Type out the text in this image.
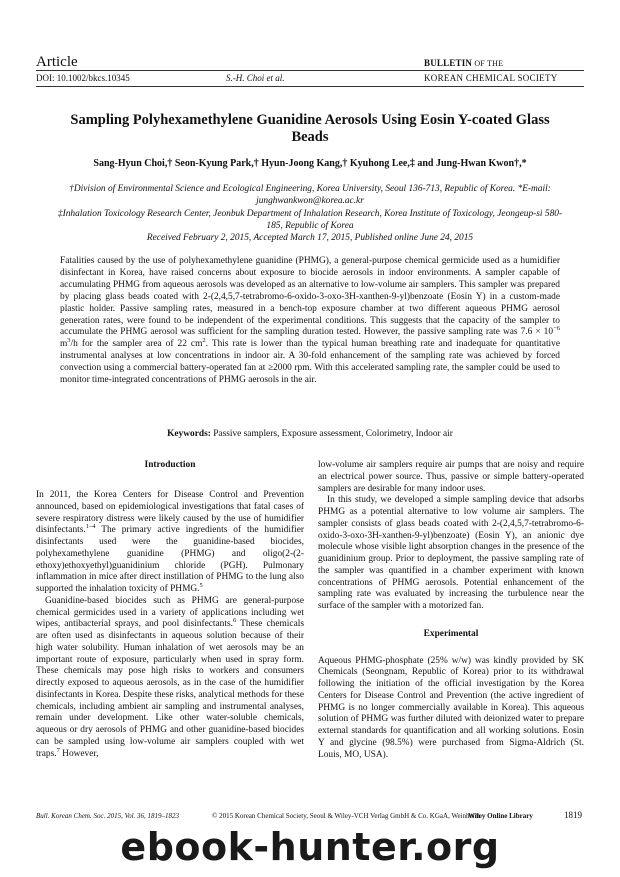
Article
DOI: 10.1002/bkcs.10345	S.-H. Choi et al.
BULLETIN OF THE
KOREAN CHEMICAL SOCIETY
Sampling Polyhexamethylene Guanidine Aerosols Using Eosin Y-coated Glass Beads
Sang-Hyun Choi,† Seon-Kyung Park,† Hyun-Joong Kang,† Kyuhong Lee,‡ and Jung-Hwan Kwon†,*
†Division of Environmental Science and Ecological Engineering, Korea University, Seoul 136-713, Republic of Korea. *E-mail: junghwankwon@korea.ac.kr
‡Inhalation Toxicology Research Center, Jeonbuk Department of Inhalation Research, Korea Institute of Toxicology, Jeongeup-si 580-185, Republic of Korea
Received February 2, 2015, Accepted March 17, 2015, Published online June 24, 2015
Fatalities caused by the use of polyhexamethylene guanidine (PHMG), a general-purpose chemical germicide used as a humidifier disinfectant in Korea, have raised concerns about exposure to biocide aerosols in indoor environments. A sampler capable of accumulating PHMG from aqueous aerosols was developed as an alternative to low-volume air samplers. This sampler was prepared by placing glass beads coated with 2-(2,4,5,7-tetrabromo-6-oxido-3-oxo-3H-xanthen-9-yl)benzoate (Eosin Y) in a custom-made plastic holder. Passive sampling rates, measured in a bench-top exposure chamber at two different aqueous PHMG aerosol generation rates, were found to be independent of the experimental conditions. This suggests that the capacity of the sampler to accumulate the PHMG aerosol was sufficient for the sampling duration tested. However, the passive sampling rate was $7.6 \times 10^{-6}$ $m^3/h$ for the sampler area of 22 $cm^2$. This rate is lower than the typical human breathing rate and inadequate for quantitative instrumental analyses at low concentrations in indoor air. A 30-fold enhancement of the sampling rate was achieved by forced convection using a commercial battery-operated fan at ≥2000 rpm. With this accelerated sampling rate, the sampler could be used to monitor time-integrated concentrations of PHMG aerosols in the air.
Keywords: Passive samplers, Exposure assessment, Colorimetry, Indoor air
Introduction

In 2011, the Korea Centers for Disease Control and Prevention announced, based on epidemiological investigations that fatal cases of severe respiratory distress were likely caused by the use of humidifier disinfectants.$^{1-4}$ The primary active ingredients of the humidifier disinfectants used were the guanidine-based biocides, polyhexamethylene guanidine (PHMG) and oligo(2-(2-ethoxy)ethoxyethyl)guanidinium chloride (PGH). Pulmonary inflammation in mice after direct instillation of PHMG to the lung also supported the inhalation toxicity of PHMG.$^5$

Guanidine-based biocides such as PHMG are general-purpose chemical germicides used in a variety of applications including wet wipes, antibacterial sprays, and pool disinfectants.$^6$ These chemicals are often used as disinfectants in aqueous solution because of their high water solubility. Human inhalation of wet aerosols may be an important route of exposure, particularly when used in spray form. These chemicals may pose high risks to workers and consumers directly exposed to aqueous aerosols, as in the case of the humidifier disinfectants in Korea. Despite these risks, analytical methods for these chemicals, including ambient air sampling and instrumental analyses, remain under development. Like other water-soluble chemicals, aqueous or dry aerosols of PHMG and other guanidine-based biocides can be sampled using low-volume air samplers coupled with wet traps.$^7$ However,

low-volume air samplers require air pumps that are noisy and require an electrical power source. Thus, passive or simple battery-operated samplers are desirable for many indoor uses.

In this study, we developed a simple sampling device that adsorbs PHMG as a potential alternative to low volume air samplers. The sampler consists of glass beads coated with 2-(2,4,5,7-tetrabromo-6-oxido-3-oxo-3H-xanthen-9-yl)benzoate) (Eosin Y), an anionic dye molecule whose visible light absorption changes in the presence of the guanidinium group. Prior to deployment, the passive sampling rate of the sampler was quantified in a chamber experiment with known concentrations of PHMG aerosols. Potential enhancement of the sampling rate was evaluated by increasing the turbulence near the surface of the sampler with a motorized fan.

Experimental

Aqueous PHMG-phosphate (25% w/w) was kindly provided by SK Chemicals (Seongnam, Republic of Korea) prior to its withdrawal following the initiation of the official investigation by the Korea Centers for Disease Control and Prevention (the active ingredient of PHMG is no longer commercially available in Korea). This aqueous solution of PHMG was further diluted with deionized water to prepare external standards for quantification and all working solutions. Eosin Y and glycine (98.5%) were purchased from Sigma-Aldrich (St. Louis, MO, USA).

Bull. Korean Chem. Soc. 2015, Vol. 36, 1819–1823	© 2015 Korean Chemical Society, Seoul & Wiley-VCH Verlag GmbH & Co. KGaA, Weinheim
Wiley Online Library	1819
ebook-hunter.org
